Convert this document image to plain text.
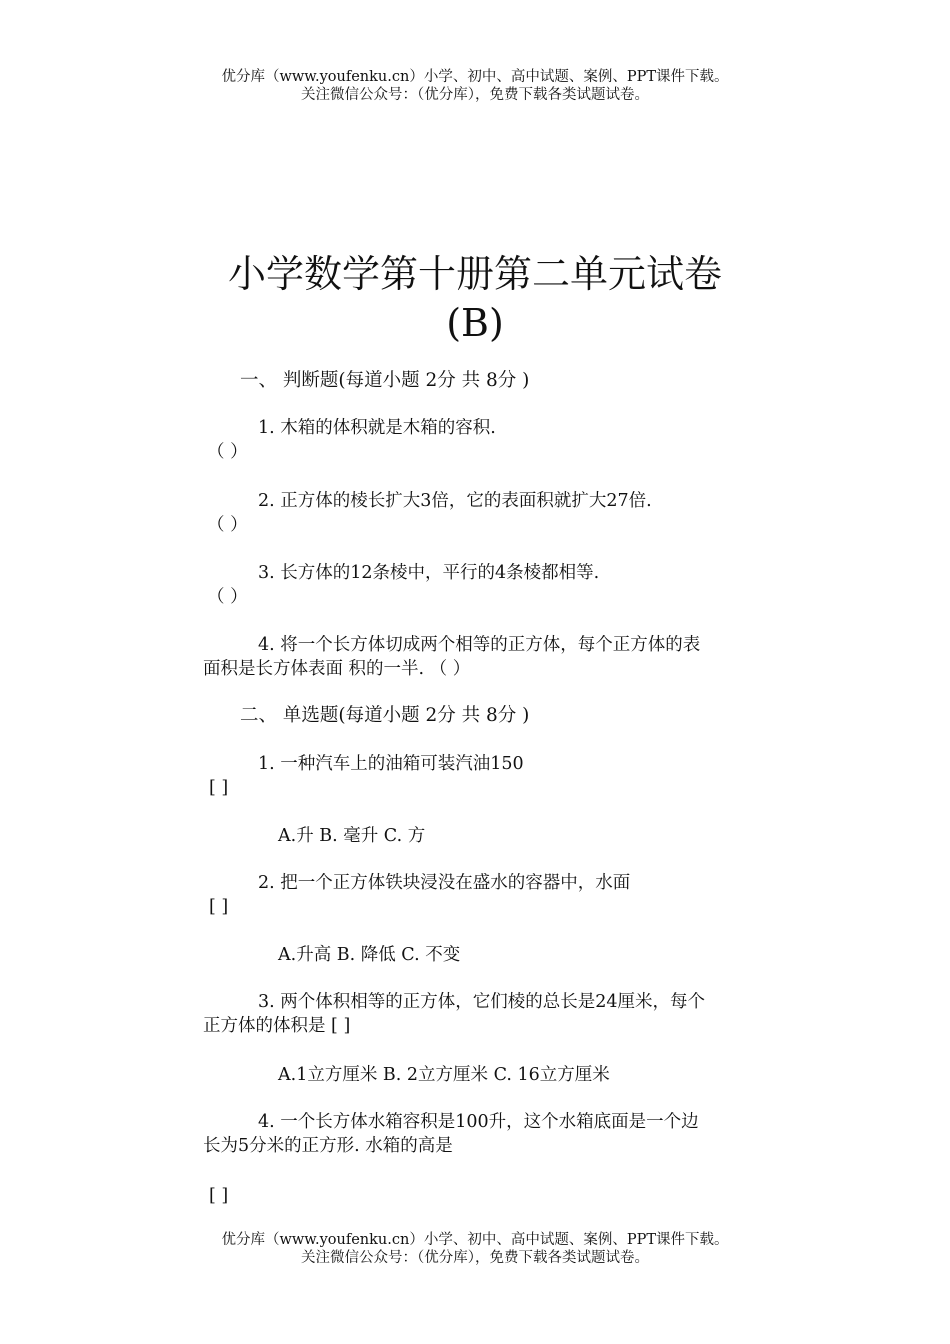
优分库（www.youfenku.cn）小学、初中、高中试题、案例、PPT课件下载。
关注微信公众号：（优分库），免费下载各类试题试卷。
小学数学第十册第二单元试卷
(B)
一、 判断题(每道小题 2分 共 8分 )
1. 木箱的体积就是木箱的容积.
（ ）
2. 正方体的棱长扩大3倍，它的表面积就扩大27倍.
（ ）
3. 长方体的12条棱中，平行的4条棱都相等.
（ ）
4. 将一个长方体切成两个相等的正方体，每个正方体的表
面积是长方体表面 积的一半. （ ）
二、 单选题(每道小题 2分 共 8分 )
1. 一种汽车上的油箱可装汽油150
[ ]
A.升 B. 毫升 C. 方
2. 把一个正方体铁块浸没在盛水的容器中，水面
[ ]
A.升高 B. 降低 C. 不变
3. 两个体积相等的正方体，它们棱的总长是24厘米，每个
正方体的体积是 [ ]
A.1立方厘米 B. 2立方厘米 C. 16立方厘米
4. 一个长方体水箱容积是100升，这个水箱底面是一个边
长为5分米的正方形. 水箱的高是
[ ]
优分库（www.youfenku.cn）小学、初中、高中试题、案例、PPT课件下载。
关注微信公众号：（优分库），免费下载各类试题试卷。
